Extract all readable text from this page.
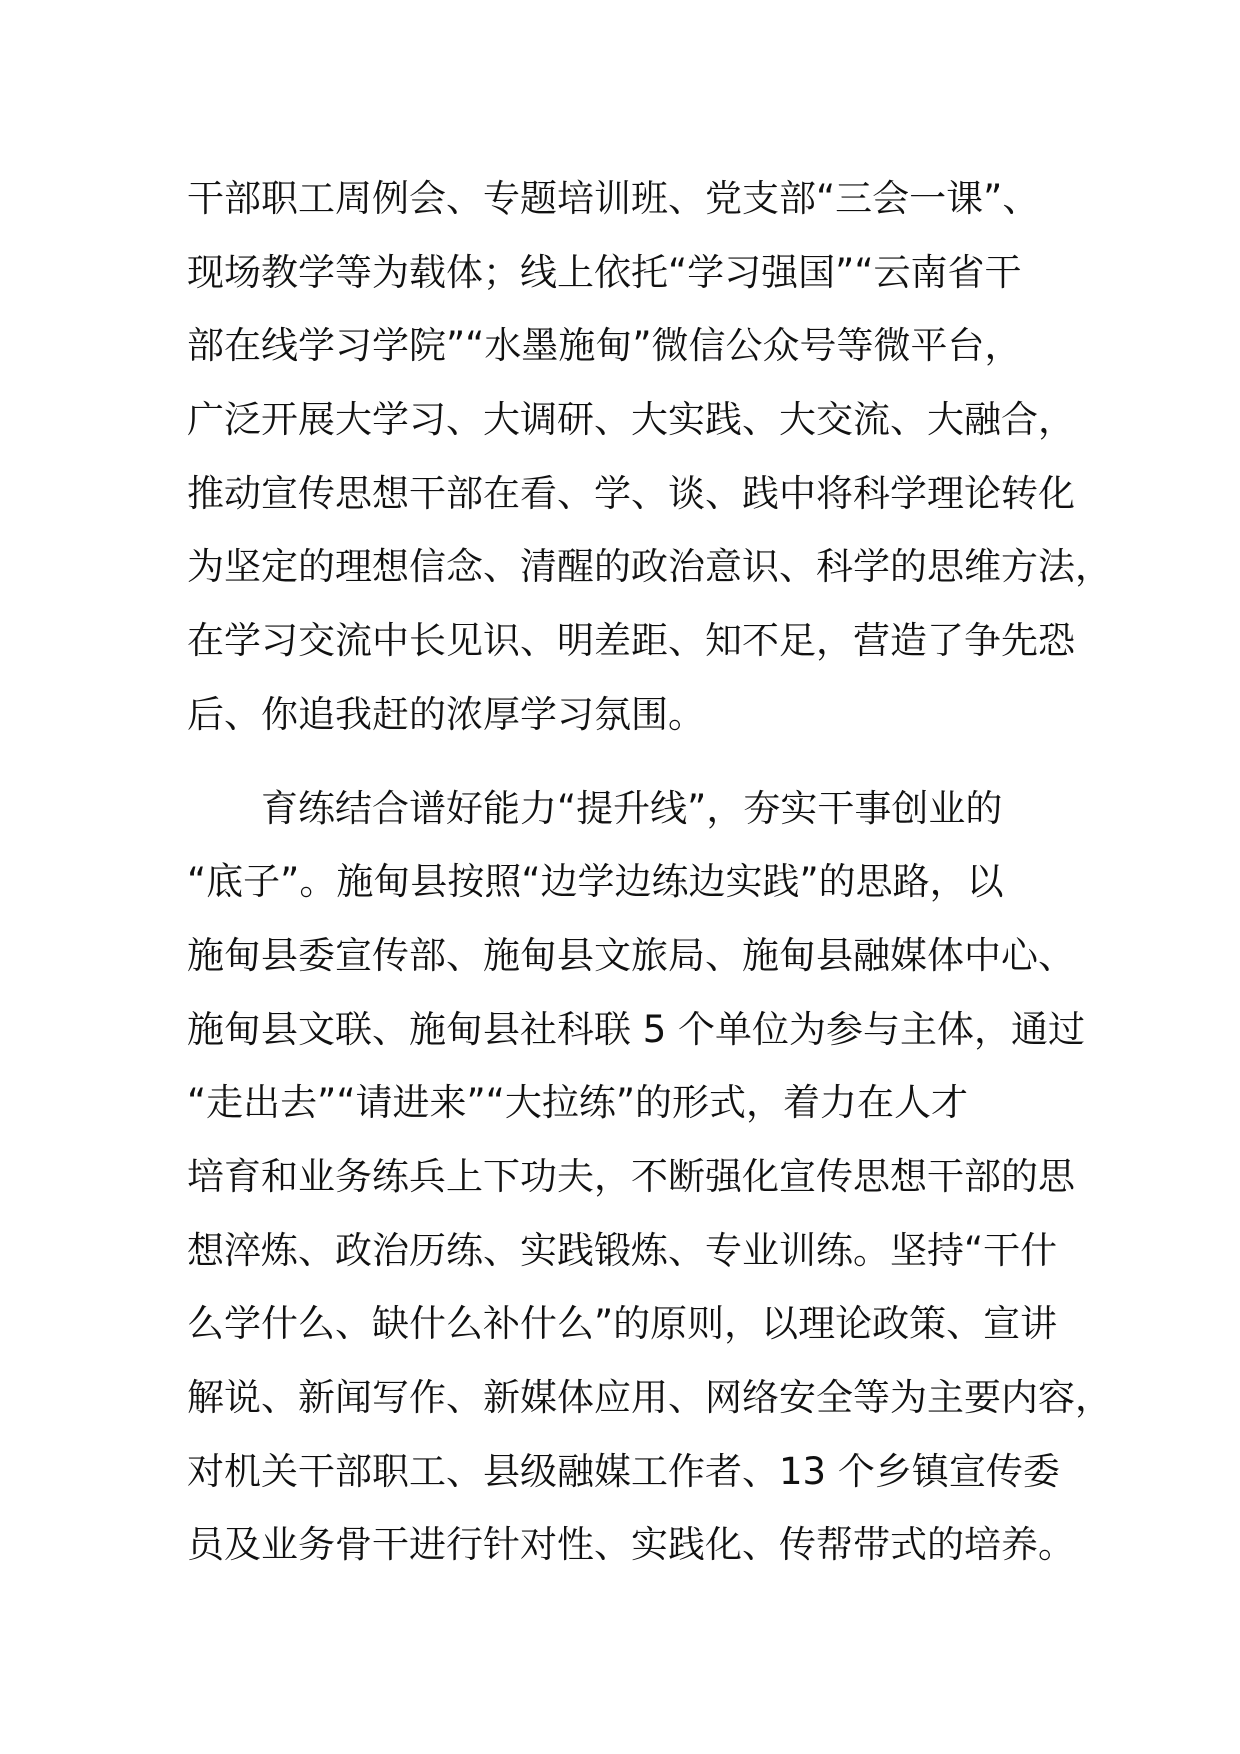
干部职工周例会、专题培训班、党支部“三会一课”、
现场教学等为载体；线上依托“学习强国”“云南省干
部在线学习学院”“水墨施甸”微信公众号等微平台，
广泛开展大学习、大调研、大实践、大交流、大融合，
推动宣传思想干部在看、学、谈、践中将科学理论转化
为坚定的理想信念、清醒的政治意识、科学的思维方法，
在学习交流中长见识、明差距、知不足，营造了争先恐
后、你追我赶的浓厚学习氛围。
育练结合谱好能力“提升线”，夯实干事创业的
“底子”。施甸县按照“边学边练边实践”的思路，以
施甸县委宣传部、施甸县文旅局、施甸县融媒体中心、
施甸县文联、施甸县社科联 5 个单位为参与主体，通过
“走出去”“请进来”“大拉练”的形式，着力在人才
培育和业务练兵上下功夫，不断强化宣传思想干部的思
想淬炼、政治历练、实践锻炼、专业训练。坚持“干什
么学什么、缺什么补什么”的原则，以理论政策、宣讲
解说、新闻写作、新媒体应用、网络安全等为主要内容，
对机关干部职工、县级融媒工作者、13 个乡镇宣传委
员及业务骨干进行针对性、实践化、传帮带式的培养。
